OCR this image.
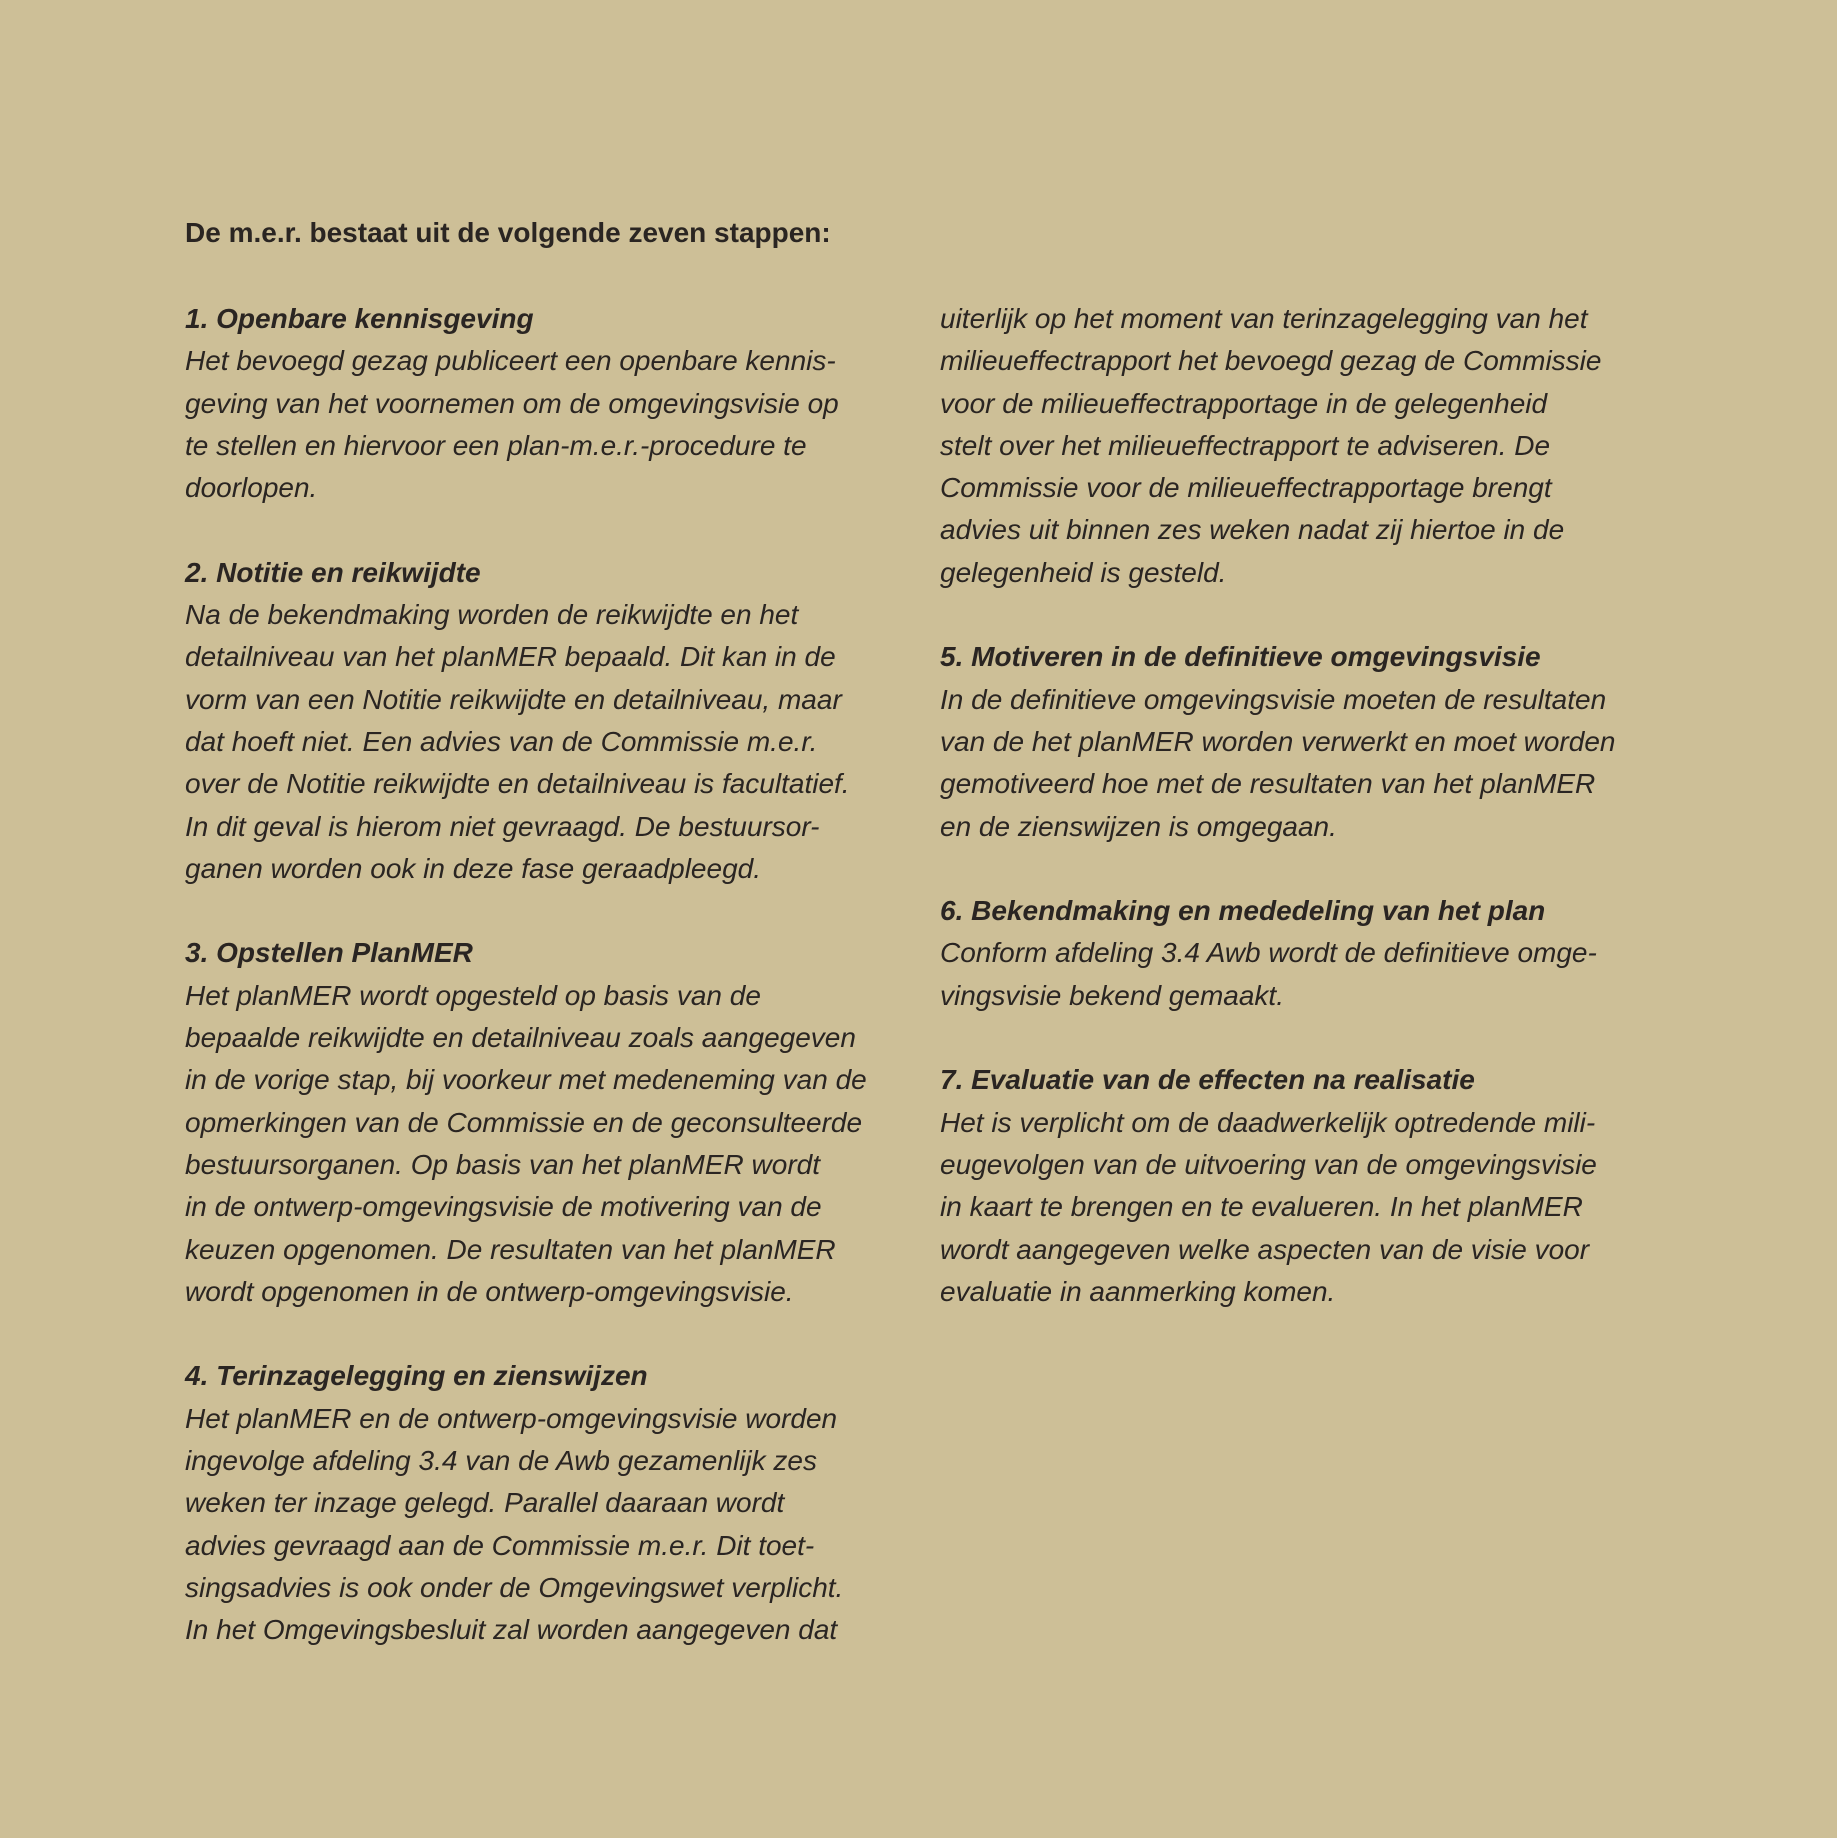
De m.e.r. bestaat uit de volgende zeven stappen:

1. Openbare kennisgeving
Het bevoegd gezag publiceert een openbare kennis-
geving van het voornemen om de omgevingsvisie op
te stellen en hiervoor een plan-m.e.r.-procedure te
doorlopen.
2. Notitie en reikwijdte
Na de bekendmaking worden de reikwijdte en het
detailniveau van het planMER bepaald. Dit kan in de
vorm van een Notitie reikwijdte en detailniveau, maar
dat hoeft niet. Een advies van de Commissie m.e.r.
over de Notitie reikwijdte en detailniveau is facultatief.
In dit geval is hierom niet gevraagd. De bestuursor-
ganen worden ook in deze fase geraadpleegd.
3. Opstellen PlanMER
Het planMER wordt opgesteld op basis van de
bepaalde reikwijdte en detailniveau zoals aangegeven
in de vorige stap, bij voorkeur met medeneming van de
opmerkingen van de Commissie en de geconsulteerde
bestuursorganen. Op basis van het planMER wordt
in de ontwerp-omgevingsvisie de motivering van de
keuzen opgenomen. De resultaten van het planMER
wordt opgenomen in de ontwerp-omgevingsvisie.
4. Terinzagelegging en zienswijzen
Het planMER en de ontwerp-omgevingsvisie worden
ingevolge afdeling 3.4 van de Awb gezamenlijk zes
weken ter inzage gelegd. Parallel daaraan wordt
advies gevraagd aan de Commissie m.e.r. Dit toet-
singsadvies is ook onder de Omgevingswet verplicht.
In het Omgevingsbesluit zal worden aangegeven dat
uiterlijk op het moment van terinzagelegging van het
milieueffectrapport het bevoegd gezag de Commissie
voor de milieueffectrapportage in de gelegenheid
stelt over het milieueffectrapport te adviseren. De
Commissie voor de milieueffectrapportage brengt
advies uit binnen zes weken nadat zij hiertoe in de
gelegenheid is gesteld.
5. Motiveren in de definitieve omgevingsvisie
In de definitieve omgevingsvisie moeten de resultaten
van de het planMER worden verwerkt en moet worden
gemotiveerd hoe met de resultaten van het planMER
en de zienswijzen is omgegaan.
6. Bekendmaking en mededeling van het plan
Conform afdeling 3.4 Awb wordt de definitieve omge-
vingsvisie bekend gemaakt.
7. Evaluatie van de effecten na realisatie
Het is verplicht om de daadwerkelijk optredende mili-
eugevolgen van de uitvoering van de omgevingsvisie
in kaart te brengen en te evalueren. In het planMER
wordt aangegeven welke aspecten van de visie voor
evaluatie in aanmerking komen.
